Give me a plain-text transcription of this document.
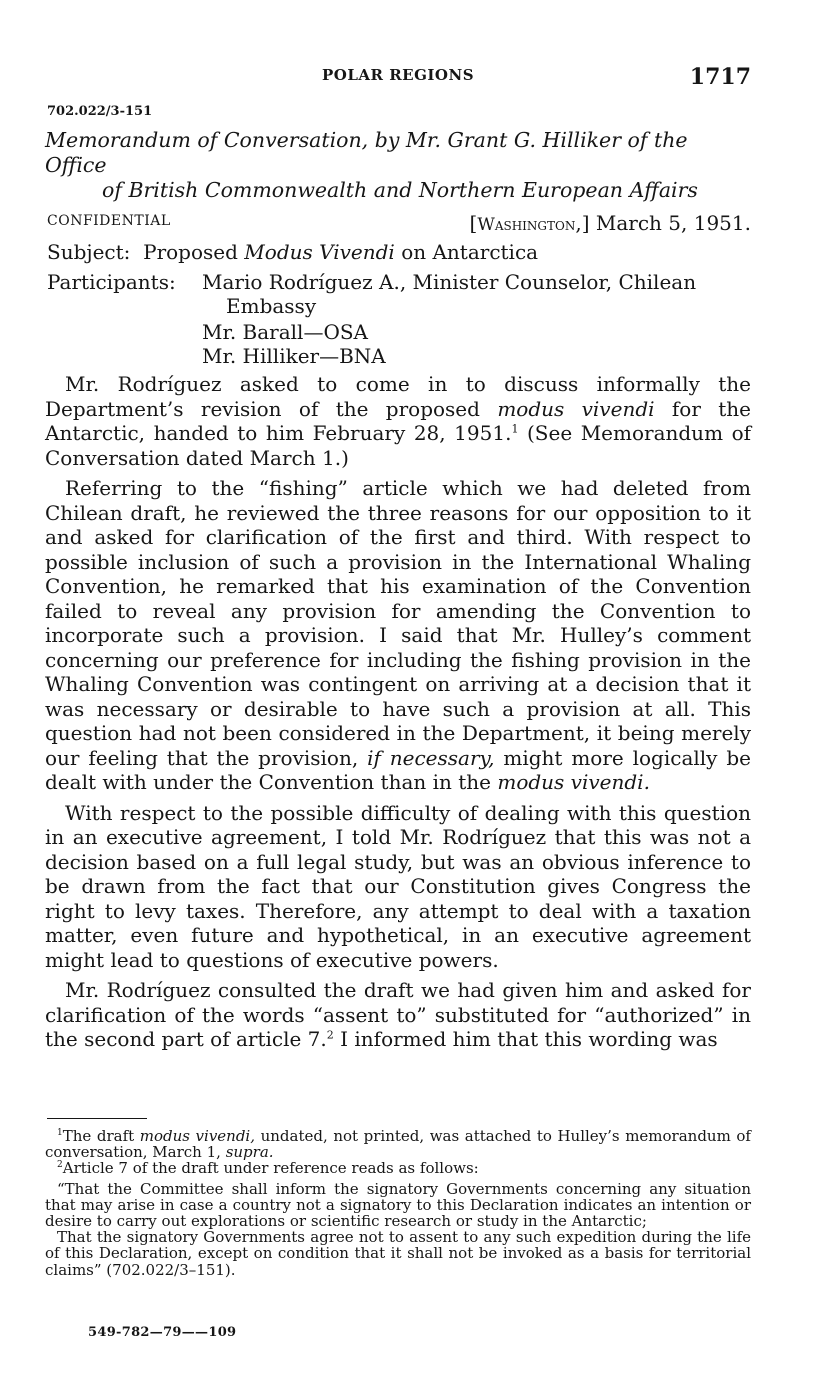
POLAR REGIONS	1717
702.022/3-151
Memorandum of Conversation, by Mr. Grant G. Hilliker of the Office
of British Commonwealth and Northern European Affairs
CONFIDENTIAL	[Washington,] March 5, 1951.
Subject: Proposed Modus Vivendi on Antarctica
Participants: Mario Rodríguez A., Minister Counselor, Chilean
Embassy
Mr. Barall—OSA
Mr. Hilliker—BNA

Mr. Rodríguez asked to come in to discuss informally the Department’s revision of the proposed modus vivendi for the Antarctic, handed to him February 28, 1951.$^1$ (See Memorandum of Conversation dated March 1.)

Referring to the “fishing” article which we had deleted from Chilean draft, he reviewed the three reasons for our opposition to it and asked for clarification of the first and third. With respect to possible inclusion of such a provision in the International Whaling Convention, he remarked that his examination of the Convention failed to reveal any provision for amending the Convention to incorporate such a provision. I said that Mr. Hulley’s comment concerning our preference for including the fishing provision in the Whaling Convention was contingent on arriving at a decision that it was necessary or desirable to have such a provision at all. This question had not been considered in the Department, it being merely our feeling that the provision, if necessary, might more logically be dealt with under the Convention than in the modus vivendi.

With respect to the possible difficulty of dealing with this question in an executive agreement, I told Mr. Rodríguez that this was not a decision based on a full legal study, but was an obvious inference to be drawn from the fact that our Constitution gives Congress the right to levy taxes. Therefore, any attempt to deal with a taxation matter, even future and hypothetical, in an executive agreement might lead to questions of executive powers.

Mr. Rodríguez consulted the draft we had given him and asked for clarification of the words “assent to” substituted for “authorized” in the second part of article 7.$^2$ I informed him that this wording was

$^1$The draft modus vivendi, undated, not printed, was attached to Hulley’s memorandum of conversation, March 1, supra.

$^2$Article 7 of the draft under reference reads as follows:

“That the Committee shall inform the signatory Governments concerning any situation that may arise in case a country not a signatory to this Declaration indicates an intention or desire to carry out explorations or scientific research or study in the Antarctic;

That the signatory Governments agree not to assent to any such expedition during the life of this Declaration, except on condition that it shall not be invoked as a basis for territorial claims” (702.022/3–151).

549-782—79——109
